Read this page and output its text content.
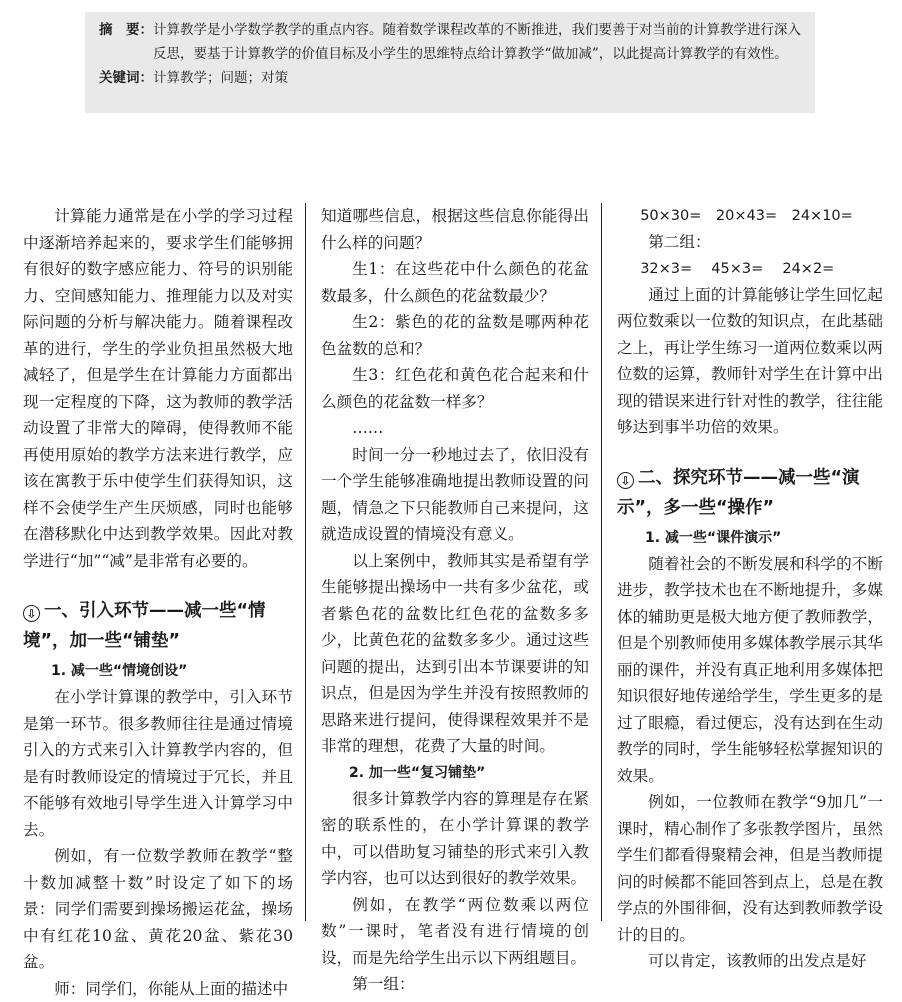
摘　要： 计算教学是小学数学教学的重点内容。随着数学课程改革的不断推进，我们要善于对当前的计算教学进行深入反思，要基于计算教学的价值目标及小学生的思维特点给计算教学“做加减”，以此提高计算教学的有效性。
关键词： 计算教学；问题；对策

计算能力通常是在小学的学习过程中逐渐培养起来的，要求学生们能够拥有很好的数字感应能力、符号的识别能力、空间感知能力、推理能力以及对实际问题的分析与解决能力。随着课程改革的进行，学生的学业负担虽然极大地减轻了，但是学生在计算能力方面都出现一定程度的下降，这为教师的教学活动设置了非常大的障碍，使得教师不能再使用原始的教学方法来进行教学，应该在寓教于乐中使学生们获得知识，这样不会使学生产生厌烦感，同时也能够在潜移默化中达到教学效果。因此对教学进行“加”“减”是非常有必要的。

⇩ 一、引入环节——减一些“情境”，加一些“铺垫”
1. 减一些“情境创设”

在小学计算课的教学中，引入环节是第一环节。很多教师往往是通过情境引入的方式来引入计算教学内容的，但是有时教师设定的情境过于冗长，并且不能够有效地引导学生进入计算学习中去。

例如，有一位数学教师在教学“整十数加减整十数”时设定了如下的场景：同学们需要到操场搬运花盆，操场中有红花10盆、黄花20盆、紫花30盆。

师：同学们，你能从上面的描述中

知道哪些信息，根据这些信息你能得出什么样的问题？

生1：在这些花中什么颜色的花盆数最多，什么颜色的花盆数最少？

生2：紫色的花的盆数是哪两种花色盆数的总和？

生3：红色花和黄色花合起来和什么颜色的花盆数一样多？

……

时间一分一秒地过去了，依旧没有一个学生能够准确地提出教师设置的问题，情急之下只能教师自己来提问，这就造成设置的情境没有意义。

以上案例中，教师其实是希望有学生能够提出操场中一共有多少盆花，或者紫色花的盆数比红色花的盆数多多少，比黄色花的盆数多多少。通过这些问题的提出，达到引出本节课要讲的知识点，但是因为学生并没有按照教师的思路来进行提问，使得课程效果并不是非常的理想，花费了大量的时间。

2. 加一些“复习铺垫”

很多计算教学内容的算理是存在紧密的联系性的，在小学计算课的教学中，可以借助复习铺垫的形式来引入教学内容，也可以达到很好的教学效果。

例如，在教学“两位数乘以两位数”一课时，笔者没有进行情境的创设，而是先给学生出示以下两组题目。

第一组：

50×30=　20×43=　24×10=

第二组：

32×3=　 45×3=　 24×2=

通过上面的计算能够让学生回忆起两位数乘以一位数的知识点，在此基础之上，再让学生练习一道两位数乘以两位数的运算，教师针对学生在计算中出现的错误来进行针对性的教学，往往能够达到事半功倍的效果。

⇩ 二、探究环节——减一些“演示”，多一些“操作”
1. 减一些“课件演示”

随着社会的不断发展和科学的不断进步，教学技术也在不断地提升，多媒体的辅助更是极大地方便了教师教学，但是个别教师使用多媒体教学展示其华丽的课件，并没有真正地利用多媒体把知识很好地传递给学生，学生更多的是过了眼瘾，看过便忘，没有达到在生动教学的同时，学生能够轻松掌握知识的效果。

例如，一位教师在教学“9加几”一课时，精心制作了多张教学图片，虽然学生们都看得聚精会神，但是当教师提问的时候都不能回答到点上，总是在教学点的外围徘徊，没有达到教师教学设计的目的。

可以肯定，该教师的出发点是好
